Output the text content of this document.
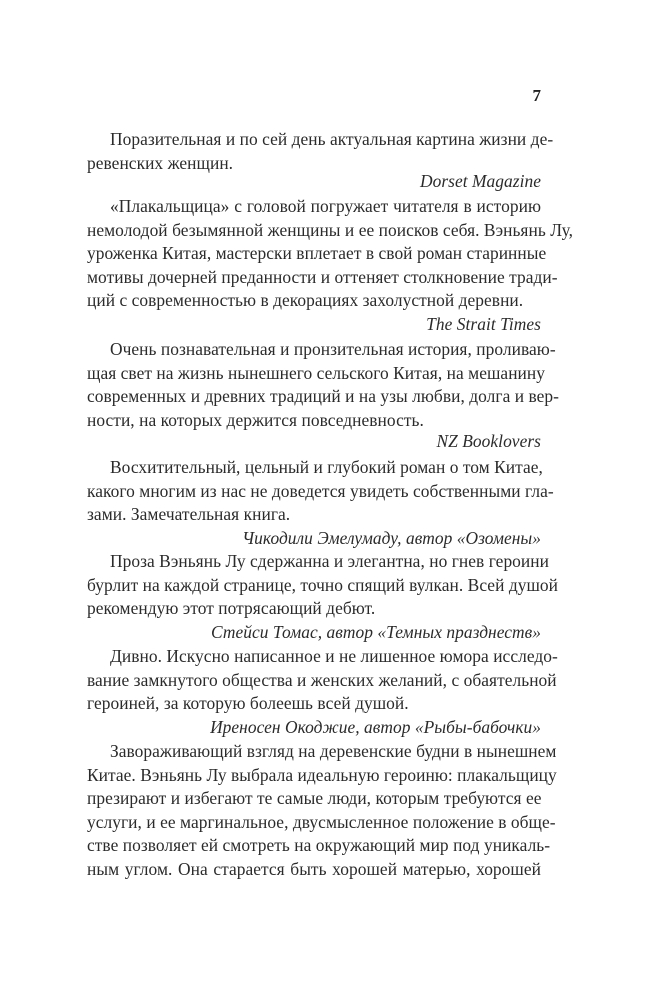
7
Поразительная и по сей день актуальная картина жизни де-
ревенских женщин.
Dorset Magazine
«Плакальщица» с головой погружает читателя в историю
немолодой безымянной женщины и ее поисков себя. Вэньянь Лу,
уроженка Китая, мастерски вплетает в свой роман старинные
мотивы дочерней преданности и оттеняет столкновение тради-
ций с современностью в декорациях захолустной деревни.
The Strait Times
Очень познавательная и пронзительная история, проливаю-
щая свет на жизнь нынешнего сельского Китая, на мешанину
современных и древних традиций и на узы любви, долга и вер-
ности, на которых держится повседневность.
NZ Booklovers
Восхитительный, цельный и глубокий роман о том Китае,
какого многим из нас не доведется увидеть собственными гла-
зами. Замечательная книга.
Чикодили Эмелумаду, автор «Озомены»
Проза Вэньянь Лу сдержанна и элегантна, но гнев героини
бурлит на каждой странице, точно спящий вулкан. Всей душой
рекомендую этот потрясающий дебют.
Стейси Томас, автор «Темных празднеств»
Дивно. Искусно написанное и не лишенное юмора исследо-
вание замкнутого общества и женских желаний, с обаятельной
героиней, за которую болеешь всей душой.
Иреносен Окоджие, автор «Рыбы-бабочки»
Завораживающий взгляд на деревенские будни в нынешнем
Китае. Вэньянь Лу выбрала идеальную героиню: плакальщицу
презирают и избегают те самые люди, которым требуются ее
услуги, и ее маргинальное, двусмысленное положение в обще-
стве позволяет ей смотреть на окружающий мир под уникаль-
ным углом. Она старается быть хорошей матерью, хорошей
